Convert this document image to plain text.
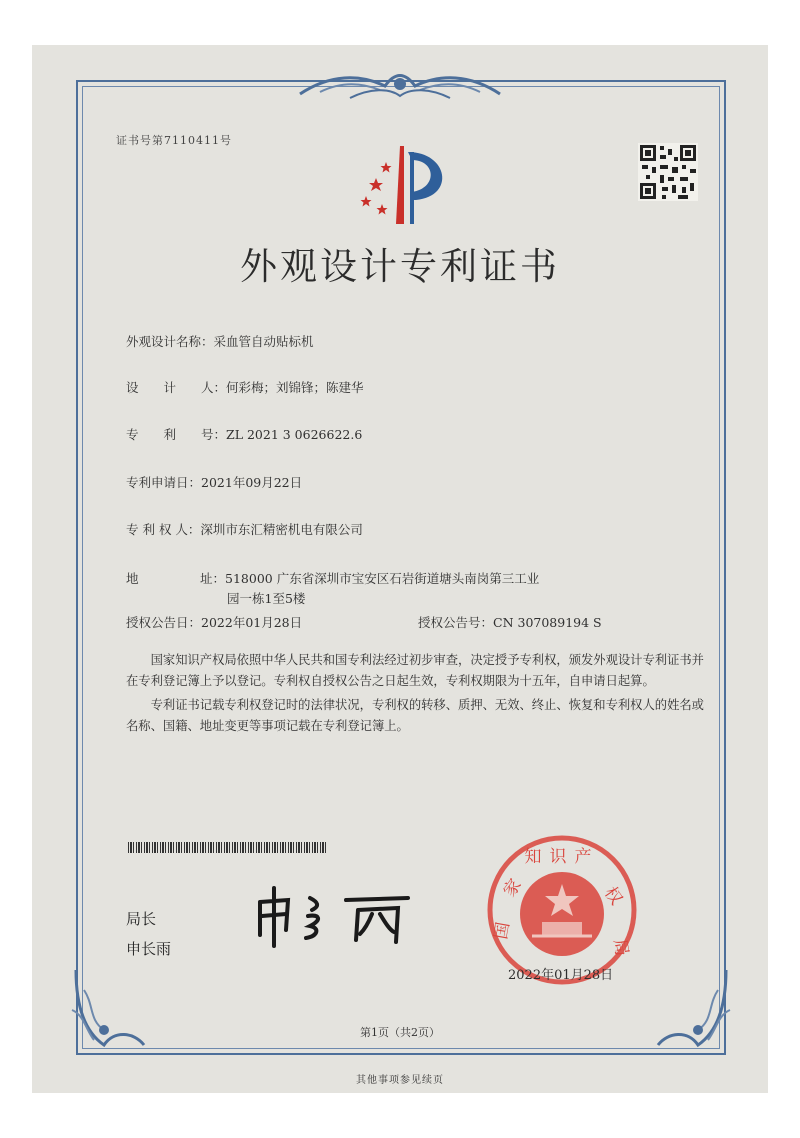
证书号第7110411号
外观设计专利证书
外观设计名称：采血管自动贴标机
设　　计　　人：何彩梅；刘锦锋；陈建华
专　　利　　号：ZL 2021 3 0626622.6
专利申请日：2021年09月22日
专 利 权 人：深圳市东汇精密机电有限公司
地	址：518000 广东省深圳市宝安区石岩街道塘头南岗第三工业
园一栋1至5楼
授权公告日：2022年01月28日	授权公告号：CN 307089194 S

国家知识产权局依照中华人民共和国专利法经过初步审查，决定授予专利权，颁发外观设计专利证书并在专利登记簿上予以登记。专利权自授权公告之日起生效，专利权期限为十五年，自申请日起算。

专利证书记载专利权登记时的法律状况，专利权的转移、质押、无效、终止、恢复和专利权人的姓名或名称、国籍、地址变更等事项记载在专利登记簿上。

局长
申长雨
知识产
家	权
国
局
2022年01月28日
第1页（共2页）
其他事项参见续页
